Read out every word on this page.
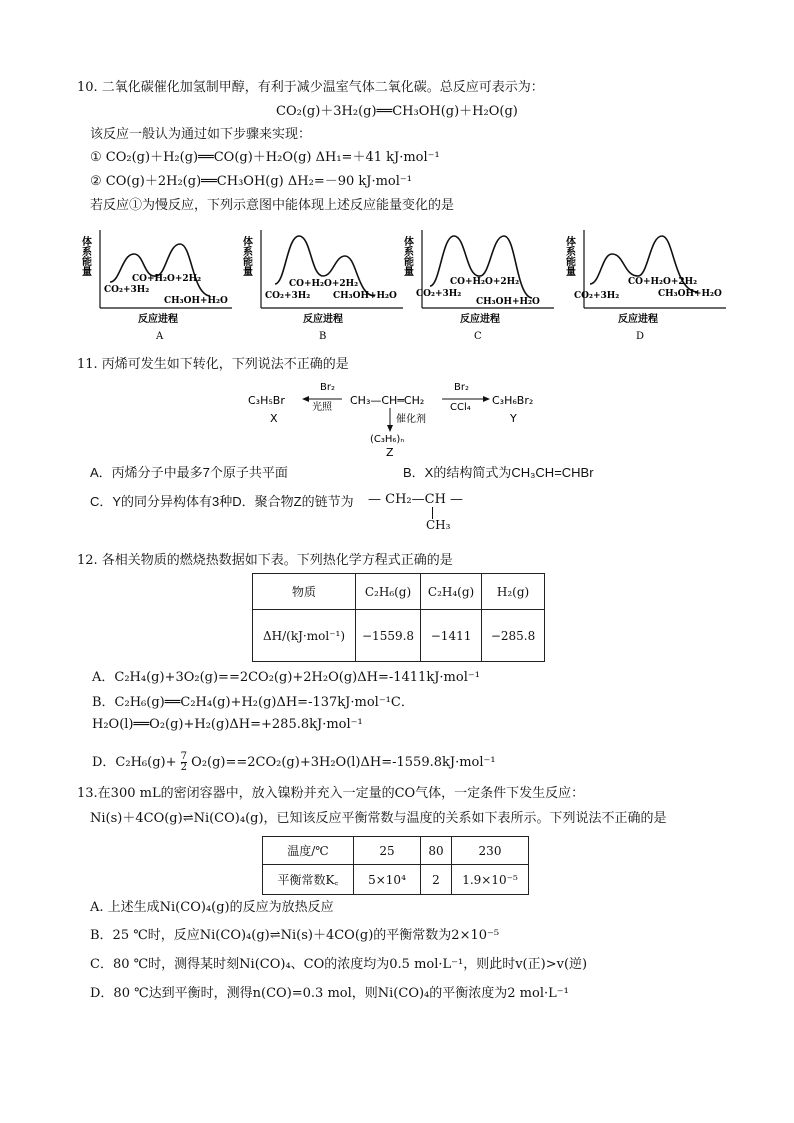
10. 二氧化碳催化加氢制甲醇，有利于减少温室气体二氧化碳。总反应可表示为：
CO₂(g)＋3H₂(g)══CH₃OH(g)＋H₂O(g)
该反应一般认为通过如下步骤来实现：
① CO₂(g)＋H₂(g)══CO(g)＋H₂O(g) ΔH₁=＋41 kJ·mol⁻¹
② CO(g)＋2H₂(g)══CH₃OH(g) ΔH₂=－90 kJ·mol⁻¹
若反应①为慢反应，下列示意图中能体现上述反应能量变化的是
体系能量
CO+H₂O+2H₂
CO₂+3H₂
CH₃OH+H₂O
反应进程
A
体系能量
CO+H₂O+2H₂
CO₂+3H₂	CH₃OH+H₂O
反应进程
B
体系能量
CO+H₂O+2H₂
CO₂+3H₂
CH₃OH+H₂O
反应进程
C
体系能量
CO+H₂O+2H₂
CO₂+3H₂	CH₃OH+H₂O
反应进程
D
11. 丙烯可发生如下转化，下列说法不正确的是
C₃H₅Br
X
Br₂
光照
CH₃—CH═CH₂
Br₂
CCl₄
C₃H₆Br₂
Y
催化剂
(C₃H₆)ₙ
Z
A．丙烯分子中最多7个原子共平面	B．X的结构简式为CH₃CH=CHBr
C．Y的同分异构体有3种D．聚合物Z的链节为 — CH₂—CH —
CH₃
12. 各相关物质的燃烧热数据如下表。下列热化学方程式正确的是
物质	C₂H₆(g)	C₂H₄(g)	H₂(g)
ΔH/(kJ·mol⁻¹)	−1559.8	−1411	−285.8
A．C₂H₄(g)+3O₂(g)==2CO₂(g)+2H₂O(g)ΔH=-1411kJ·mol⁻¹
B．C₂H₆(g)══C₂H₄(g)+H₂(g)ΔH=-137kJ·mol⁻¹C．
H₂O(l)══O₂(g)+H₂(g)ΔH=+285.8kJ·mol⁻¹
D．$C_2H_6(g)+ \frac{7}{2} O_2(g)==2CO_2(g)+3H_2O(l)\Delta H=-1559.8kJ\cdot mol^{-1}$
13.在300 mL的密闭容器中，放入镍粉并充入一定量的CO气体，一定条件下发生反应：
Ni(s)＋4CO(g)⇌Ni(CO)₄(g)，已知该反应平衡常数与温度的关系如下表所示。下列说法不正确的是
温度/℃	25	80	230
平衡常数K꜀	5×10⁴	2	1.9×10⁻⁵
A. 上述生成Ni(CO)₄(g)的反应为放热反应
B．25 ℃时，反应Ni(CO)₄(g)⇌Ni(s)＋4CO(g)的平衡常数为2×10⁻⁵
C．80 ℃时，测得某时刻Ni(CO)₄、CO的浓度均为0.5 mol·L⁻¹，则此时v(正)>v(逆)
D．80 ℃达到平衡时，测得n(CO)=0.3 mol，则Ni(CO)₄的平衡浓度为2 mol·L⁻¹
